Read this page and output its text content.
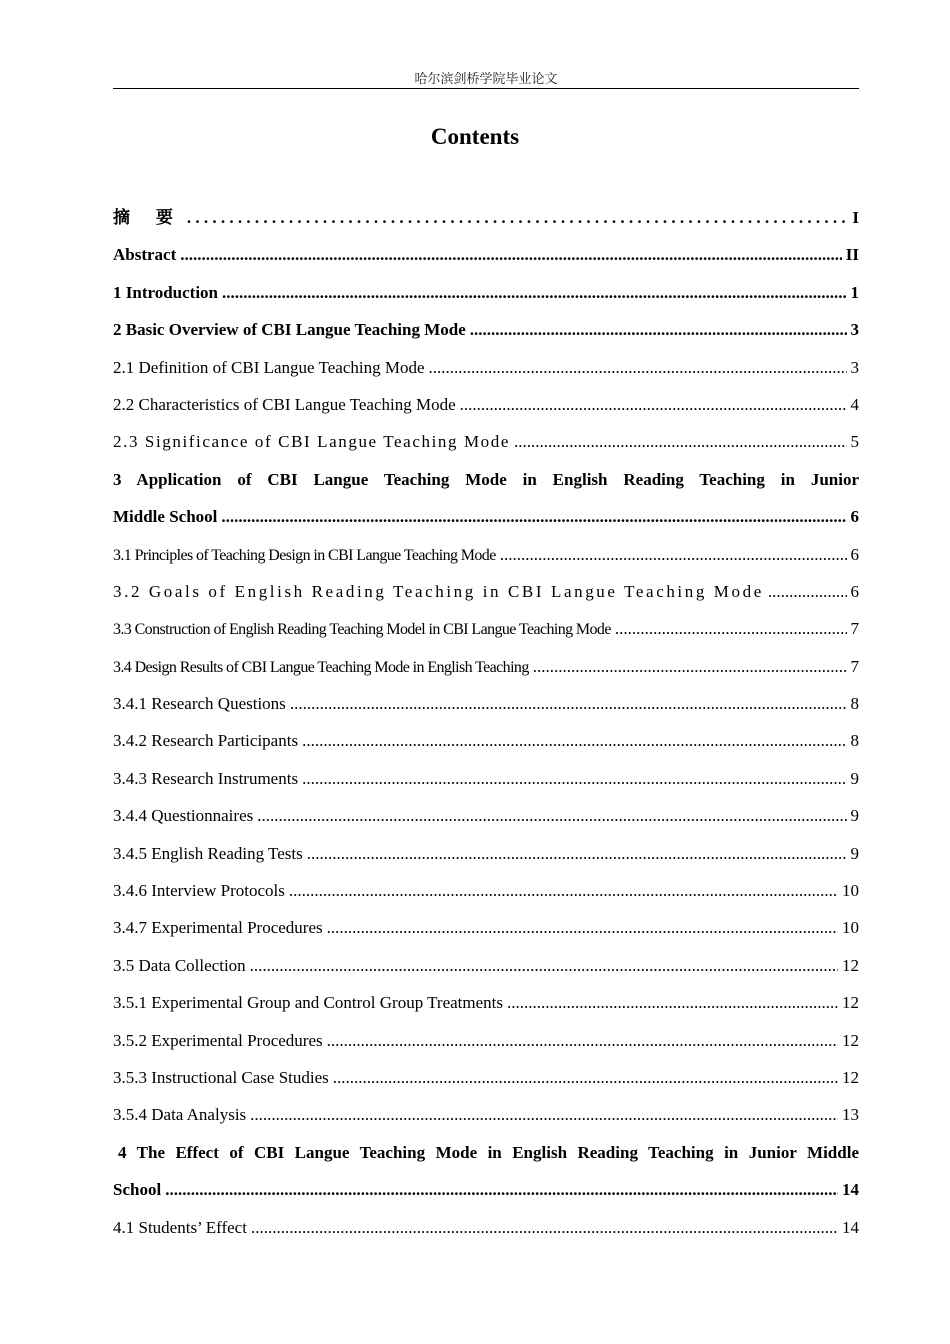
哈尔滨剑桥学院毕业论文
Contents
摘 要 . . .	I
Abstract .....	II
1 Introduction .....	1
2 Basic Overview of CBI Langue Teaching Mode .....	3
2.1 Definition of CBI Langue Teaching Mode .....	3
2.2 Characteristics of CBI Langue Teaching Mode .....	4
2.3 Significance of CBI Langue Teaching Mode .....	5
3 Application of CBI Langue Teaching Mode in English Reading Teaching in Junior
Middle School .....	6
3.1 Principles of Teaching Design in CBI Langue Teaching Mode .....	6
3.2 Goals of English Reading Teaching in CBI Langue Teaching Mode .....	6
3.3 Construction of English Reading Teaching Model in CBI Langue Teaching Mode .....	7
3.4 Design Results of CBI Langue Teaching Mode in English Teaching .....	7
3.4.1 Research Questions .....	8
3.4.2 Research Participants .....	8
3.4.3 Research Instruments .....	9
3.4.4 Questionnaires .....	9
3.4.5 English Reading Tests .....	9
3.4.6 Interview Protocols .....	10
3.4.7 Experimental Procedures .....	10
3.5 Data Collection .....	12
3.5.1 Experimental Group and Control Group Treatments .....	12
3.5.2 Experimental Procedures .....	12
3.5.3 Instructional Case Studies .....	12
3.5.4 Data Analysis .....	13
4 The Effect of CBI Langue Teaching Mode in English Reading Teaching in Junior Middle
School .....	14
4.1 Students’ Effect .....	14
